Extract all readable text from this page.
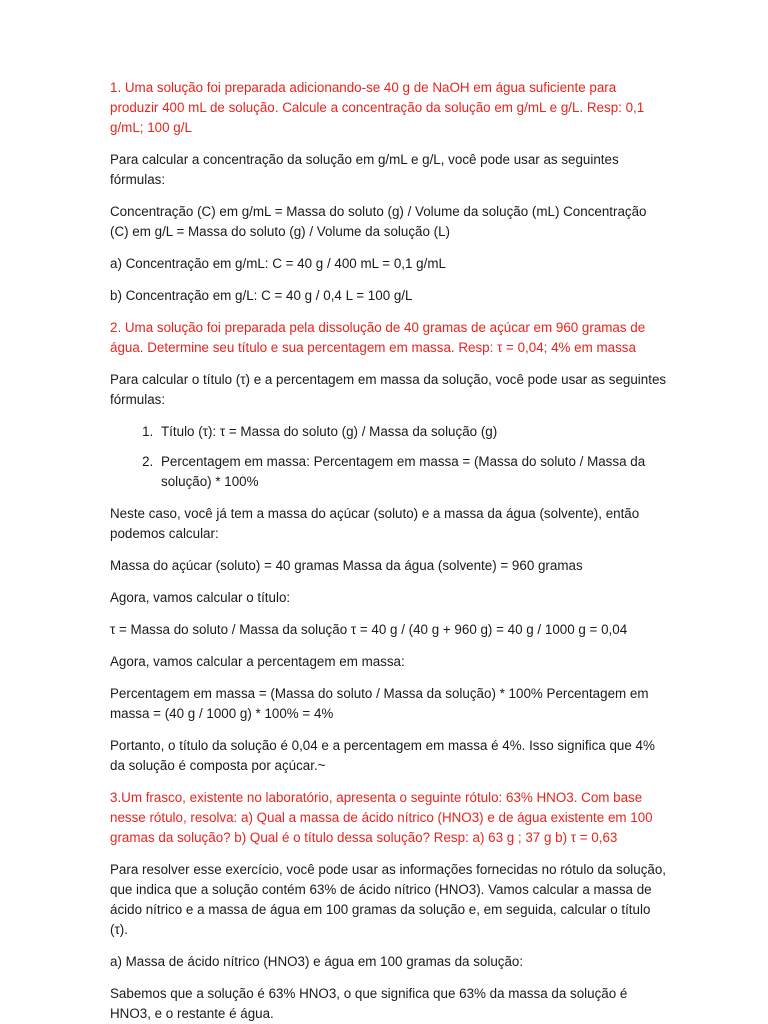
1. Uma solução foi preparada adicionando-se 40 g de NaOH em água suficiente para produzir 400 mL de solução. Calcule a concentração da solução em g/mL e g/L. Resp: 0,1 g/mL; 100 g/L

Para calcular a concentração da solução em g/mL e g/L, você pode usar as seguintes fórmulas:

Concentração (C) em g/mL = Massa do soluto (g) / Volume da solução (mL) Concentração (C) em g/L = Massa do soluto (g) / Volume da solução (L)

a) Concentração em g/mL: C = 40 g / 400 mL = 0,1 g/mL

b) Concentração em g/L: C = 40 g / 0,4 L = 100 g/L

2. Uma solução foi preparada pela dissolução de 40 gramas de açúcar em 960 gramas de água. Determine seu título e sua percentagem em massa. Resp: τ = 0,04; 4% em massa

Para calcular o título (τ) e a percentagem em massa da solução, você pode usar as seguintes fórmulas:

1. Título (τ): τ = Massa do soluto (g) / Massa da solução (g)
2. Percentagem em massa: Percentagem em massa = (Massa do soluto / Massa da solução) * 100%

Neste caso, você já tem a massa do açúcar (soluto) e a massa da água (solvente), então podemos calcular:

Massa do açúcar (soluto) = 40 gramas Massa da água (solvente) = 960 gramas

Agora, vamos calcular o título:

τ = Massa do soluto / Massa da solução τ = 40 g / (40 g + 960 g) = 40 g / 1000 g = 0,04

Agora, vamos calcular a percentagem em massa:

Percentagem em massa = (Massa do soluto / Massa da solução) * 100% Percentagem em massa = (40 g / 1000 g) * 100% = 4%

Portanto, o título da solução é 0,04 e a percentagem em massa é 4%. Isso significa que 4% da solução é composta por açúcar.~

3.Um frasco, existente no laboratório, apresenta o seguinte rótulo: 63% HNO3. Com base nesse rótulo, resolva: a) Qual a massa de ácido nítrico (HNO3) e de água existente em 100 gramas da solução? b) Qual é o título dessa solução? Resp: a) 63 g ; 37 g b) τ = 0,63

Para resolver esse exercício, você pode usar as informações fornecidas no rótulo da solução, que indica que a solução contém 63% de ácido nítrico (HNO3). Vamos calcular a massa de ácido nítrico e a massa de água em 100 gramas da solução e, em seguida, calcular o título (τ).

a) Massa de ácido nítrico (HNO3) e água em 100 gramas da solução:

Sabemos que a solução é 63% HNO3, o que significa que 63% da massa da solução é HNO3, e o restante é água.
